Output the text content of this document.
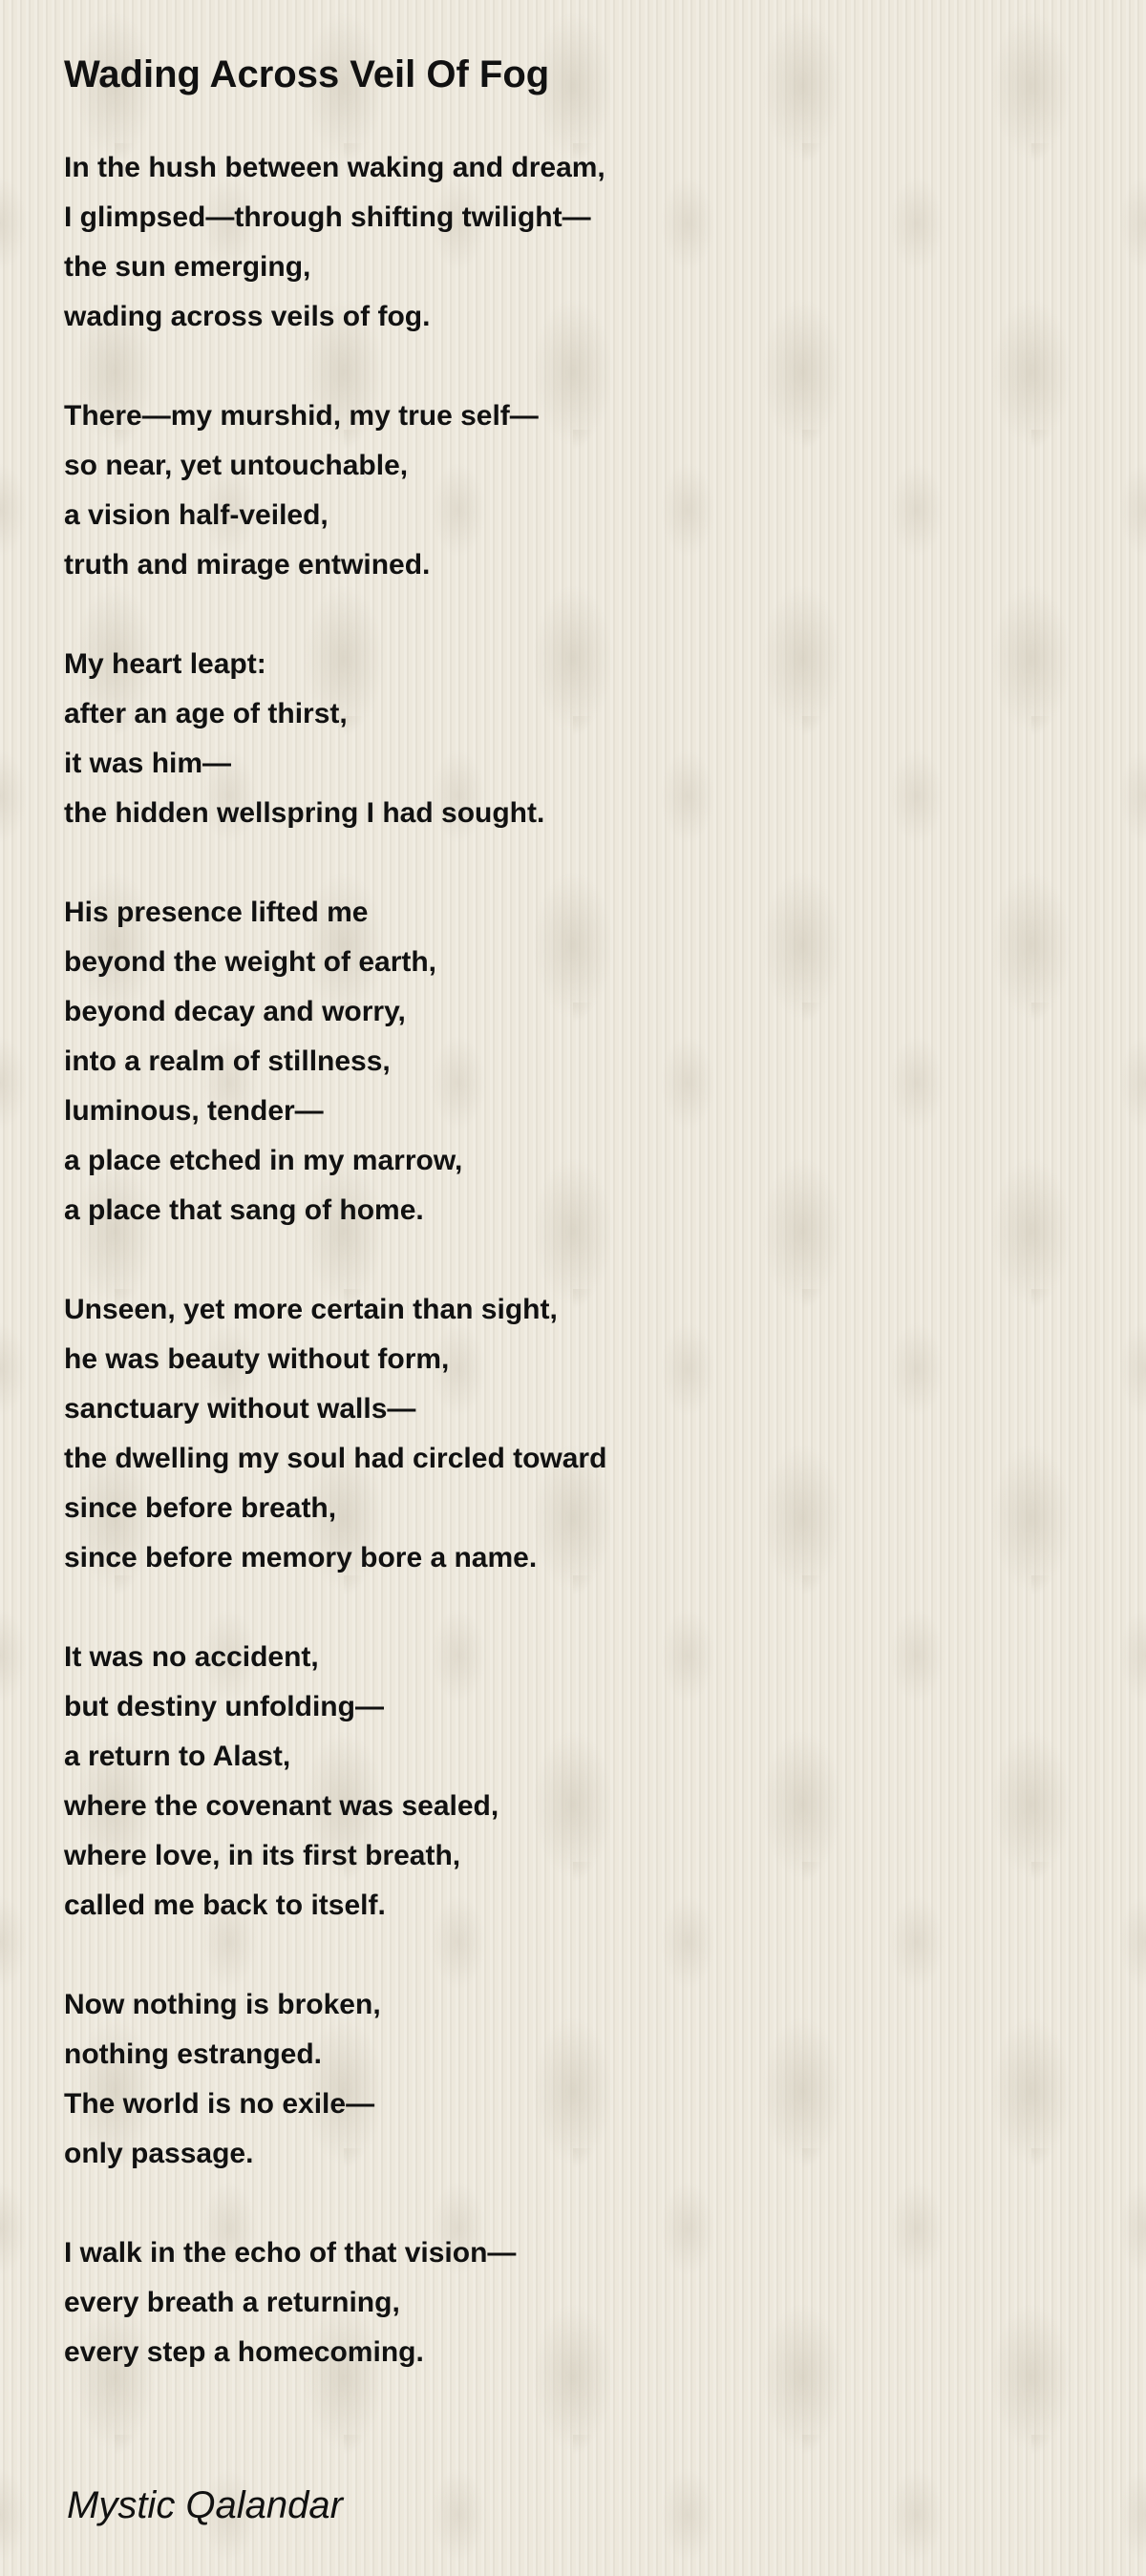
Wading Across Veil Of Fog
In the hush between waking and dream,
I glimpsed—through shifting twilight—
the sun emerging,
wading across veils of fog.
There—my murshid, my true self—
so near, yet untouchable,
a vision half-veiled,
truth and mirage entwined.
My heart leapt:
after an age of thirst,
it was him—
the hidden wellspring I had sought.
His presence lifted me
beyond the weight of earth,
beyond decay and worry,
into a realm of stillness,
luminous, tender—
a place etched in my marrow,
a place that sang of home.
Unseen, yet more certain than sight,
he was beauty without form,
sanctuary without walls—
the dwelling my soul had circled toward
since before breath,
since before memory bore a name.
It was no accident,
but destiny unfolding—
a return to Alast,
where the covenant was sealed,
where love, in its first breath,
called me back to itself.
Now nothing is broken,
nothing estranged.
The world is no exile—
only passage.
I walk in the echo of that vision—
every breath a returning,
every step a homecoming.

Mystic Qalandar
